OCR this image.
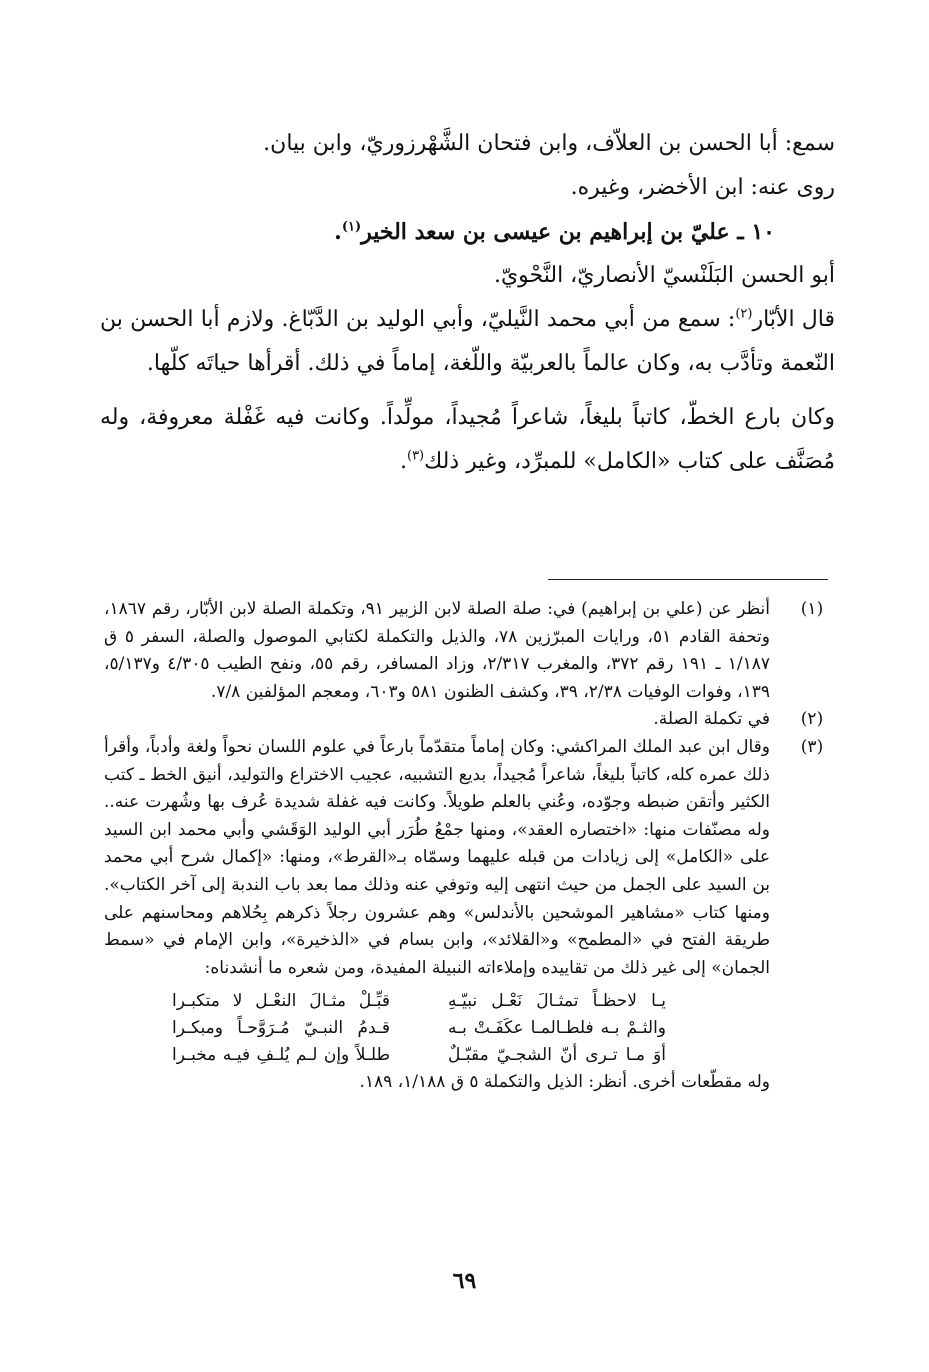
سمع: أبا الحسن بن العلاّف، وابن فتحان الشَّهْرزوريّ، وابن بيان.

روى عنه: ابن الأخضر، وغيره.

١٠ ـ عليّ بن إبراهيم بن عيسى بن سعد الخير$^{(١)}$.

أبو الحسن البَلَنْسيّ الأنصاريّ، النَّحْويّ.

قال الأبّار$^{(٢)}$: سمع من أبي محمد النَّيليّ، وأبي الوليد بن الدَّبّاغ. ولازم أبا الحسن بن النّعمة وتأدَّب به، وكان عالماً بالعربيّة واللّغة، إماماً في ذلك. أقرأها حياتَه كلّها.

وكان بارع الخطّ، كاتباً بليغاً، شاعراً مُجيداً، مولِّداً. وكانت فيه غَفْلة معروفة، وله مُصَنَّف على كتاب «الكامل» للمبرِّد، وغير ذلك$^{(٣)}$.

(١)
أنظر عن (علي بن إبراهيم) في: صلة الصلة لابن الزبير ٩١، وتكملة الصلة لابن الأبّار، رقم ١٨٦٧، وتحفة القادم ٥١، ورايات المبرّزين ٧٨، والذيل والتكملة لكتابي الموصول والصلة، السفر ٥ ق ١/١٨٧ ـ ١٩١ رقم ٣٧٢، والمغرب ٢/٣١٧، وزاد المسافر، رقم ٥٥، ونفح الطيب ٤/٣٠٥ و٥/١٣٧، ١٣٩، وفوات الوفيات ٢/٣٨، ٣٩، وكشف الظنون ٥٨١ و٦٠٣، ومعجم المؤلفين ٧/٨.

(٢)
في تكملة الصلة.

(٣)
وقال ابن عبد الملك المراكشي: وكان إماماً متقدّماً بارعاً في علوم اللسان نحواً ولغة وأدباً، وأقرأ ذلك عمره كله، كاتباً بليغاً، شاعراً مُجيداً، بديع التشبيه، عجيب الاختراع والتوليد، أنيق الخط ـ كتب الكثير وأتقن ضبطه وجوّده، وعُني بالعلم طويلاً. وكانت فيه غفلة شديدة عُرف بها وشُهرت عنه.. وله مصنّفات منها: «اختصاره العقد»، ومنها جمْعُ طُرَر أبي الوليد الوَقَشي وأبي محمد ابن السيد على «الكامل» إلى زيادات من قبله عليهما وسمّاه بـ«القرط»، ومنها: «إكمال شرح أبي محمد بن السيد على الجمل من حيث انتهى إليه وتوفي عنه وذلك مما بعد باب الندبة إلى آخر الكتاب». ومنها كتاب «مشاهير الموشحين بالأندلس» وهم عشرون رجلاً ذكرهم بِحُلاهم ومحاسنهم على طريقة الفتح في «المطمح» و«القلائد»، وابن بسام في «الذخيرة»، وابن الإمام في «سمط الجمان» إلى غير ذلك من تقاييده وإملاءاته النبيلة المفيدة، ومن شعره ما أنشدناه:
يـا لاحظـاً تمثـالَ نَعْـل نبيّـهِ
قبِّـلْ مثـالَ النعْـل لا متكبـرا
والثـمْ بـه فلطـالمـا عكَفَـتْ بـه
قـدمُ النبـيّ مُـرَوَّحـاً ومبكـرا
أوَ مـا تـرى أنّ الشجـيّ مقبّـلٌ
طلـلاً وإن لـم يُلـفِ فيـه مخبـرا
وله مقطّعات أخرى. أنظر: الذيل والتكملة ٥ ق ١/١٨٨، ١٨٩.
٦٩
